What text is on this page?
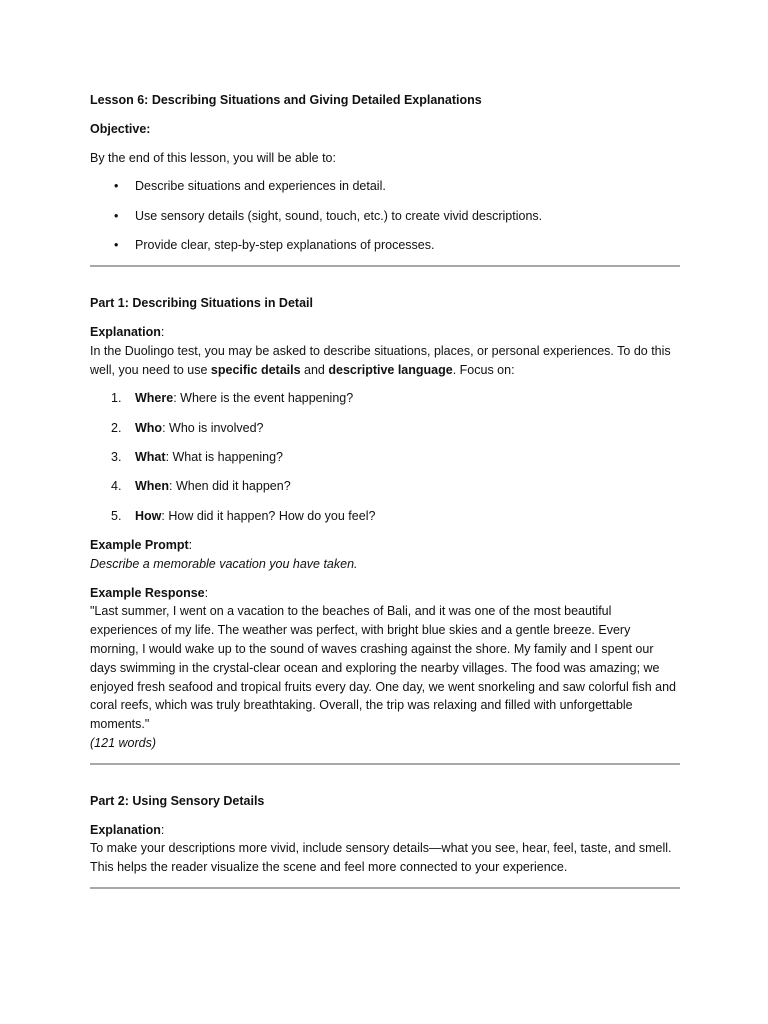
Lesson 6: Describing Situations and Giving Detailed Explanations

Objective:

By the end of this lesson, you will be able to:

• Describe situations and experiences in detail.
• Use sensory details (sight, sound, touch, etc.) to create vivid descriptions.
• Provide clear, step-by-step explanations of processes.

Part 1: Describing Situations in Detail

Explanation:
In the Duolingo test, you may be asked to describe situations, places, or personal experiences. To do this well, you need to use specific details and descriptive language. Focus on:

1. Where: Where is the event happening?
2. Who: Who is involved?
3. What: What is happening?
4. When: When did it happen?
5. How: How did it happen? How do you feel?

Example Prompt:
Describe a memorable vacation you have taken.

Example Response:
"Last summer, I went on a vacation to the beaches of Bali, and it was one of the most beautiful experiences of my life. The weather was perfect, with bright blue skies and a gentle breeze. Every morning, I would wake up to the sound of waves crashing against the shore. My family and I spent our days swimming in the crystal-clear ocean and exploring the nearby villages. The food was amazing; we enjoyed fresh seafood and tropical fruits every day. One day, we went snorkeling and saw colorful fish and coral reefs, which was truly breathtaking. Overall, the trip was relaxing and filled with unforgettable moments."
(121 words)

Part 2: Using Sensory Details

Explanation:
To make your descriptions more vivid, include sensory details—what you see, hear, feel, taste, and smell. This helps the reader visualize the scene and feel more connected to your experience.
